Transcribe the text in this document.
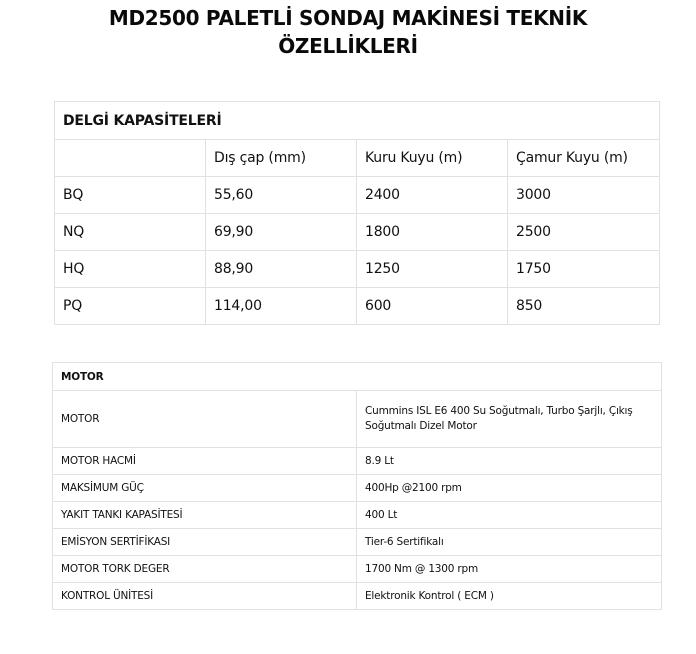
MD2500 PALETLİ SONDAJ MAKİNESİ TEKNİK
ÖZELLİKLERİ
DELGİ KAPASİTELERİ			
	Dış çap (mm)	Kuru Kuyu (m)	Çamur Kuyu (m)
BQ	55,60	2400	3000
NQ	69,90	1800	2500
HQ	88,90	1250	1750
PQ	114,00	600	850
MOTOR	
MOTOR	Cummins ISL E6 400 Su Soğutmalı, Turbo Şarjlı, Çıkış Soğutmalı Dizel Motor
MOTOR HACMİ	8.9 Lt
MAKSİMUM GÜÇ	400Hp @2100 rpm
YAKIT TANKI KAPASİTESİ	400 Lt
EMİSYON SERTİFİKASI	Tier-6 Sertifikalı
MOTOR TORK DEGER	1700 Nm @ 1300 rpm
KONTROL ÜNİTESİ	Elektronik Kontrol ( ECM )
